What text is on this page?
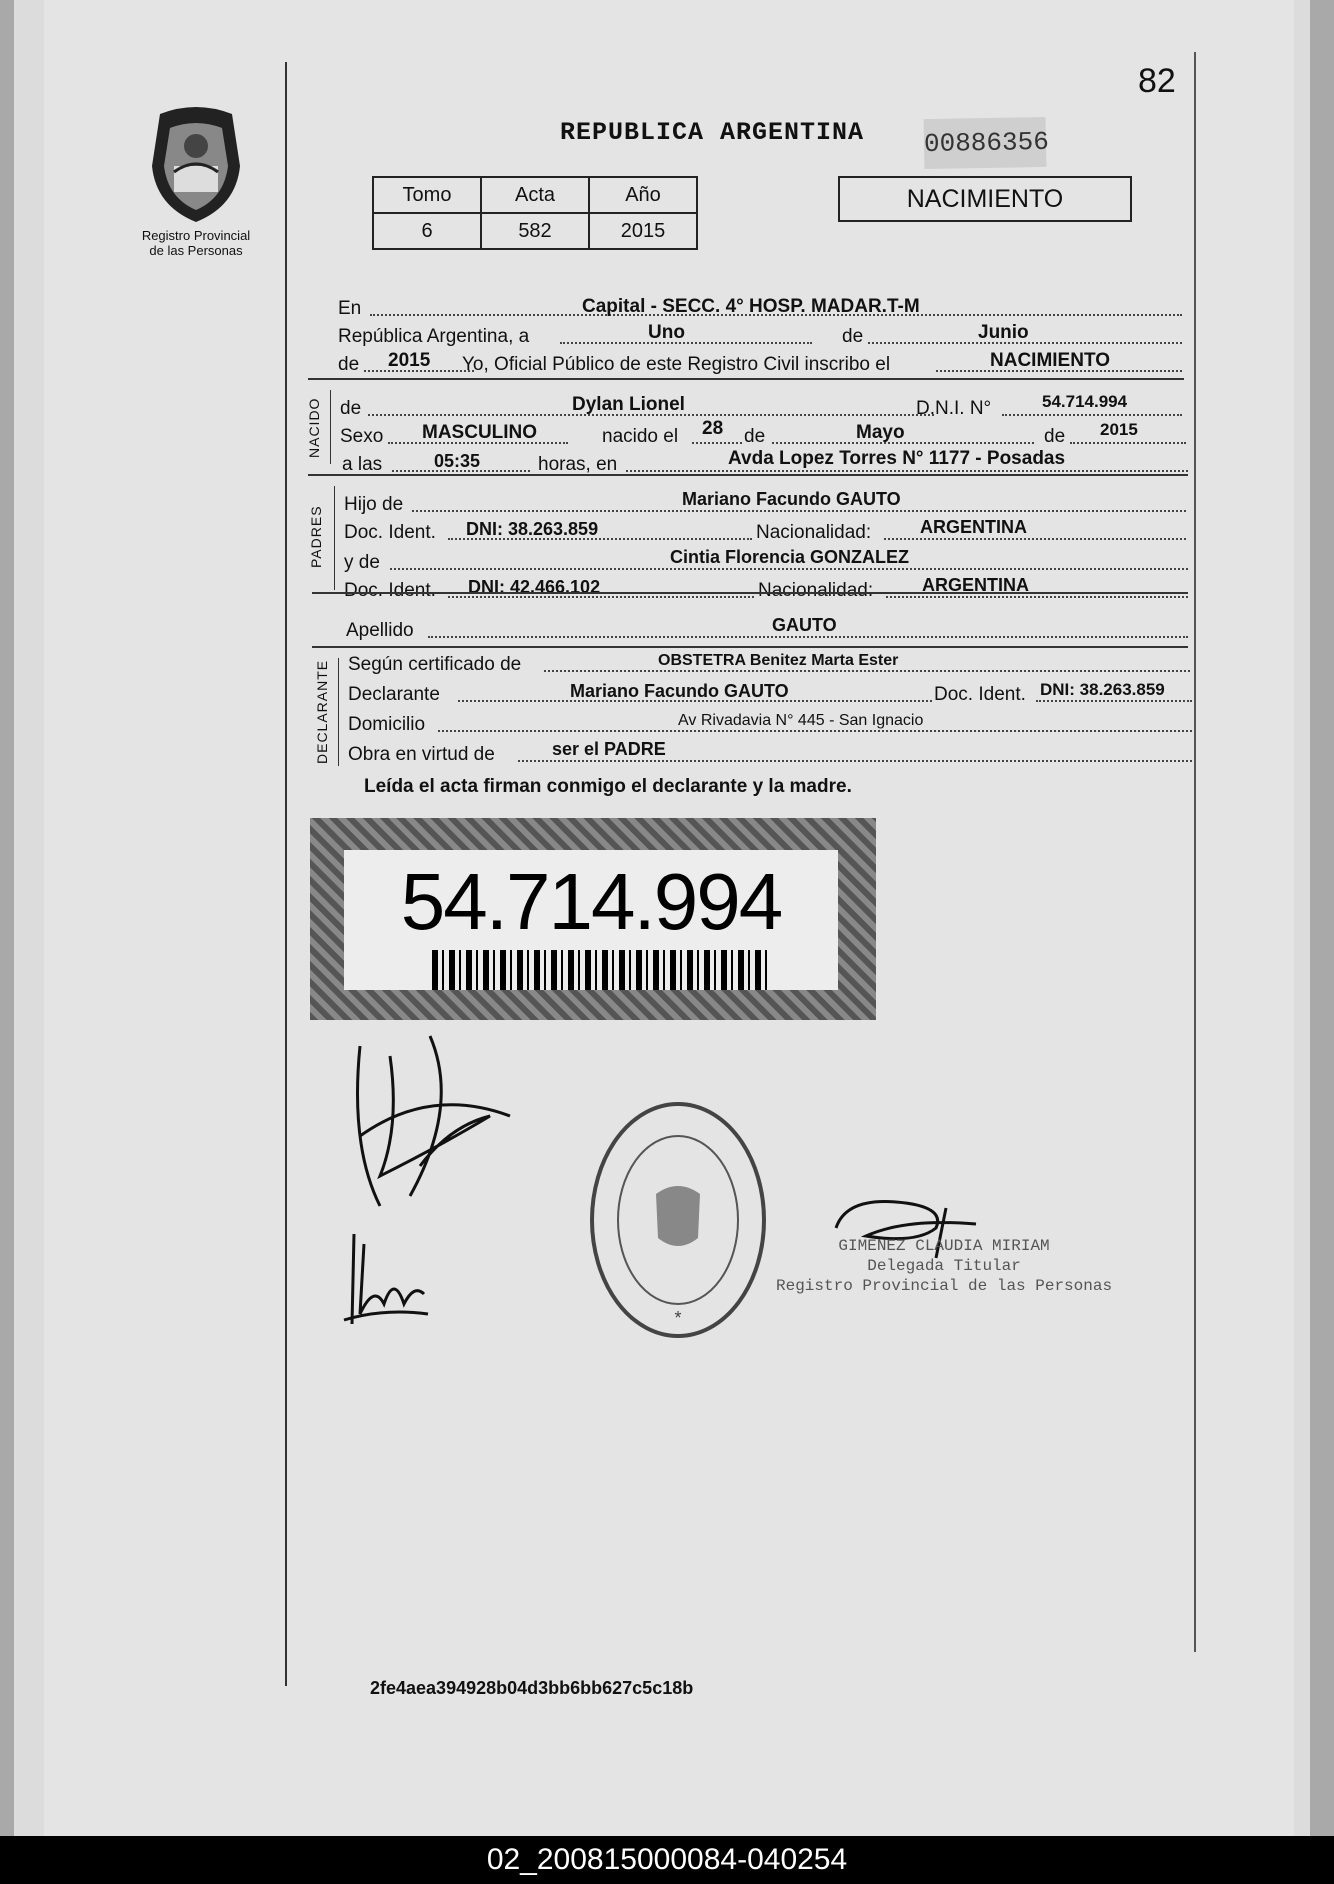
82
Registro Provincial
de las Personas
REPUBLICA ARGENTINA 00886356
Tomo	Acta	Año
6	582	2015
NACIMIENTO
En	Capital - SECC. 4° HOSP. MADAR.T-M
República Argentina, a	Uno	de	Junio
de 2015 Yo, Oficial Público de este Registro Civil inscribo el	NACIMIENTO
NACIDO de	Dylan Lionel	D.N.I. N°	54.714.994
Sexo MASCULINO	nacido el 28 de	Mayo	de 2015
a las	05:35	horas, en	Avda Lopez Torres N° 1177 - Posadas
PADRES
Hijo de	Mariano Facundo GAUTO
Doc. Ident. DNI: 38.263.859	Nacionalidad:	ARGENTINA
y de	Cintia Florencia GONZALEZ
Doc. Ident. DNI: 42.466.102	Nacionalidad:	ARGENTINA
Apellido	GAUTO
DECLARANTE Según certificado de	OBSTETRA Benitez Marta Ester
Declarante	Mariano Facundo GAUTO	Doc. Ident. DNI: 38.263.859
Domicilio	Av Rivadavia N° 445 - San Ignacio
Obra en virtud de	ser el PADRE
Leída el acta firman conmigo el declarante y la madre.
54.714.994
*
GIMENEZ CLAUDIA MIRIAM
Delegada Titular
Registro Provincial de las Personas
2fe4aea394928b04d3bb6bb627c5c18b
02_200815000084-040254
